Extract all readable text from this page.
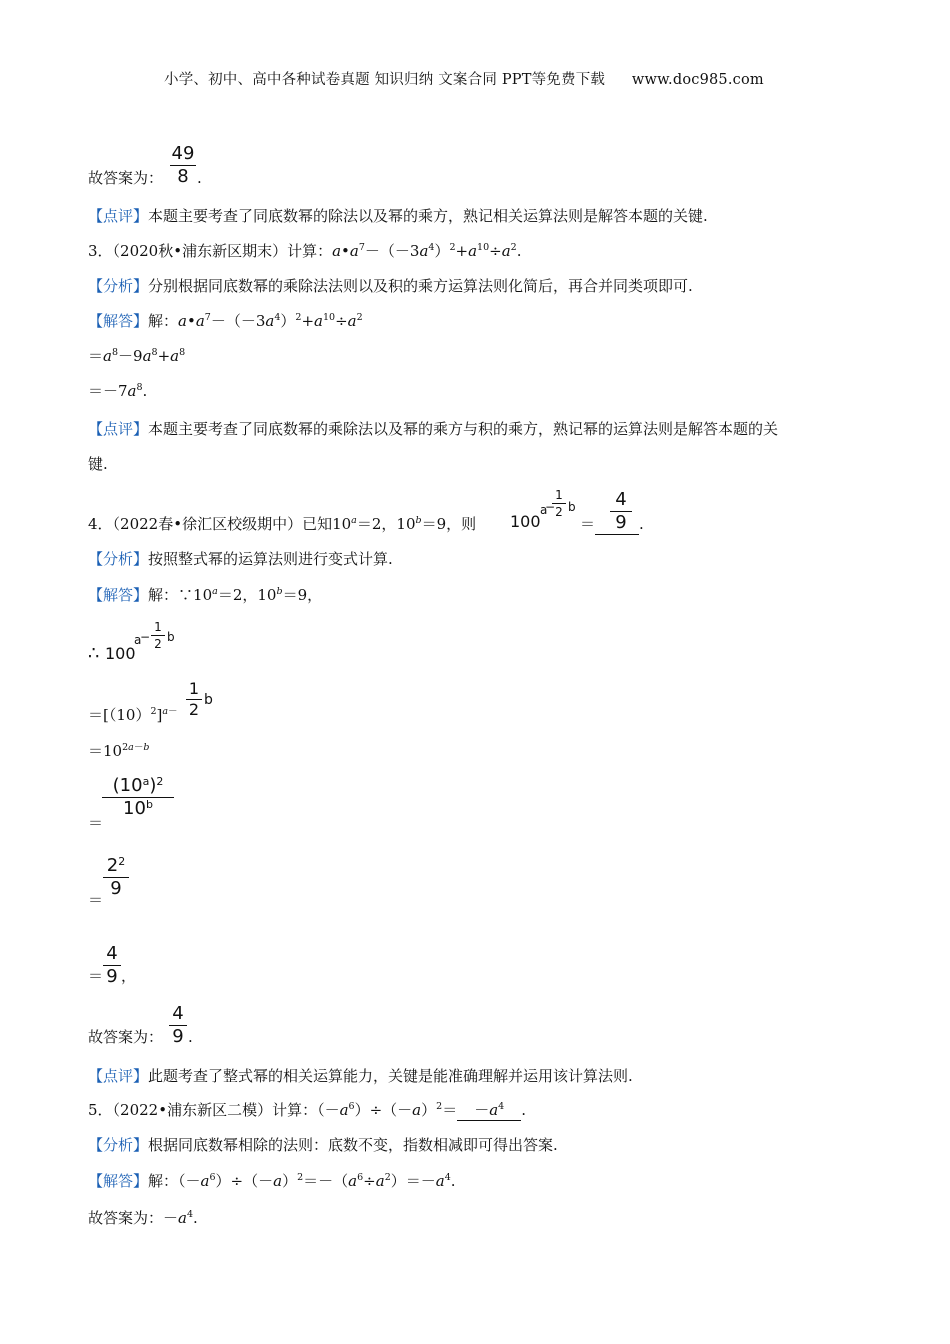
小学、初中、高中各种试卷真题 知识归纳 文案合同 PPT等免费下载 www.doc985.com
故答案为：
49
8 .
【点评】本题主要考查了同底数幂的除法以及幂的乘方，熟记相关运算法则是解答本题的关键.
3．（2020秋•浦东新区期末）计算：$a•a^7-(-3a^4)^2+a^{10}\div a^2$.
【分析】分别根据同底数幂的乘除法法则以及积的乘方运算法则化简后，再合并同类项即可.
【解答】解：$a•a^7-(-3a^4)^2+a^{10}\div a^2$
$=a^8-9a^8+a^8$
$=-7a^8$.
【点评】本题主要考查了同底数幂的乘除法以及幂的乘方与积的乘方，熟记幂的运算法则是解答本题的关
键.
4．（2022春•徐汇区校级期中）已知$10^a=2$，$10^b=9$，则 100
a
1
2
− b
＝	.
4
9
【分析】按照整式幂的运算法则进行变式计算.
【解答】解：$\because 10^a=2$，$10^b=9$，
∴ 100
a
−
1
2 b
$=[(10)^2]^{a-}$
1
2 b
$=10^{2a-b}$
＝
$(10^a)^2$
$10^b$
＝
$2^2$
9
＝
4
9 ，
故答案为：
4
9 .
【点评】此题考查了整式幂的相关运算能力，关键是能准确理解并运用该计算法则.
5．（2022•浦东新区二模）计算：$(-a^6)\div(-a)^2= -a^4$ .
【分析】根据同底数幂相除的法则：底数不变，指数相减即可得出答案.
【解答】解：$(-a^6)\div(-a)^2=-(a^6\div a^2)=-a^4$.
故答案为：$-a^4$.
